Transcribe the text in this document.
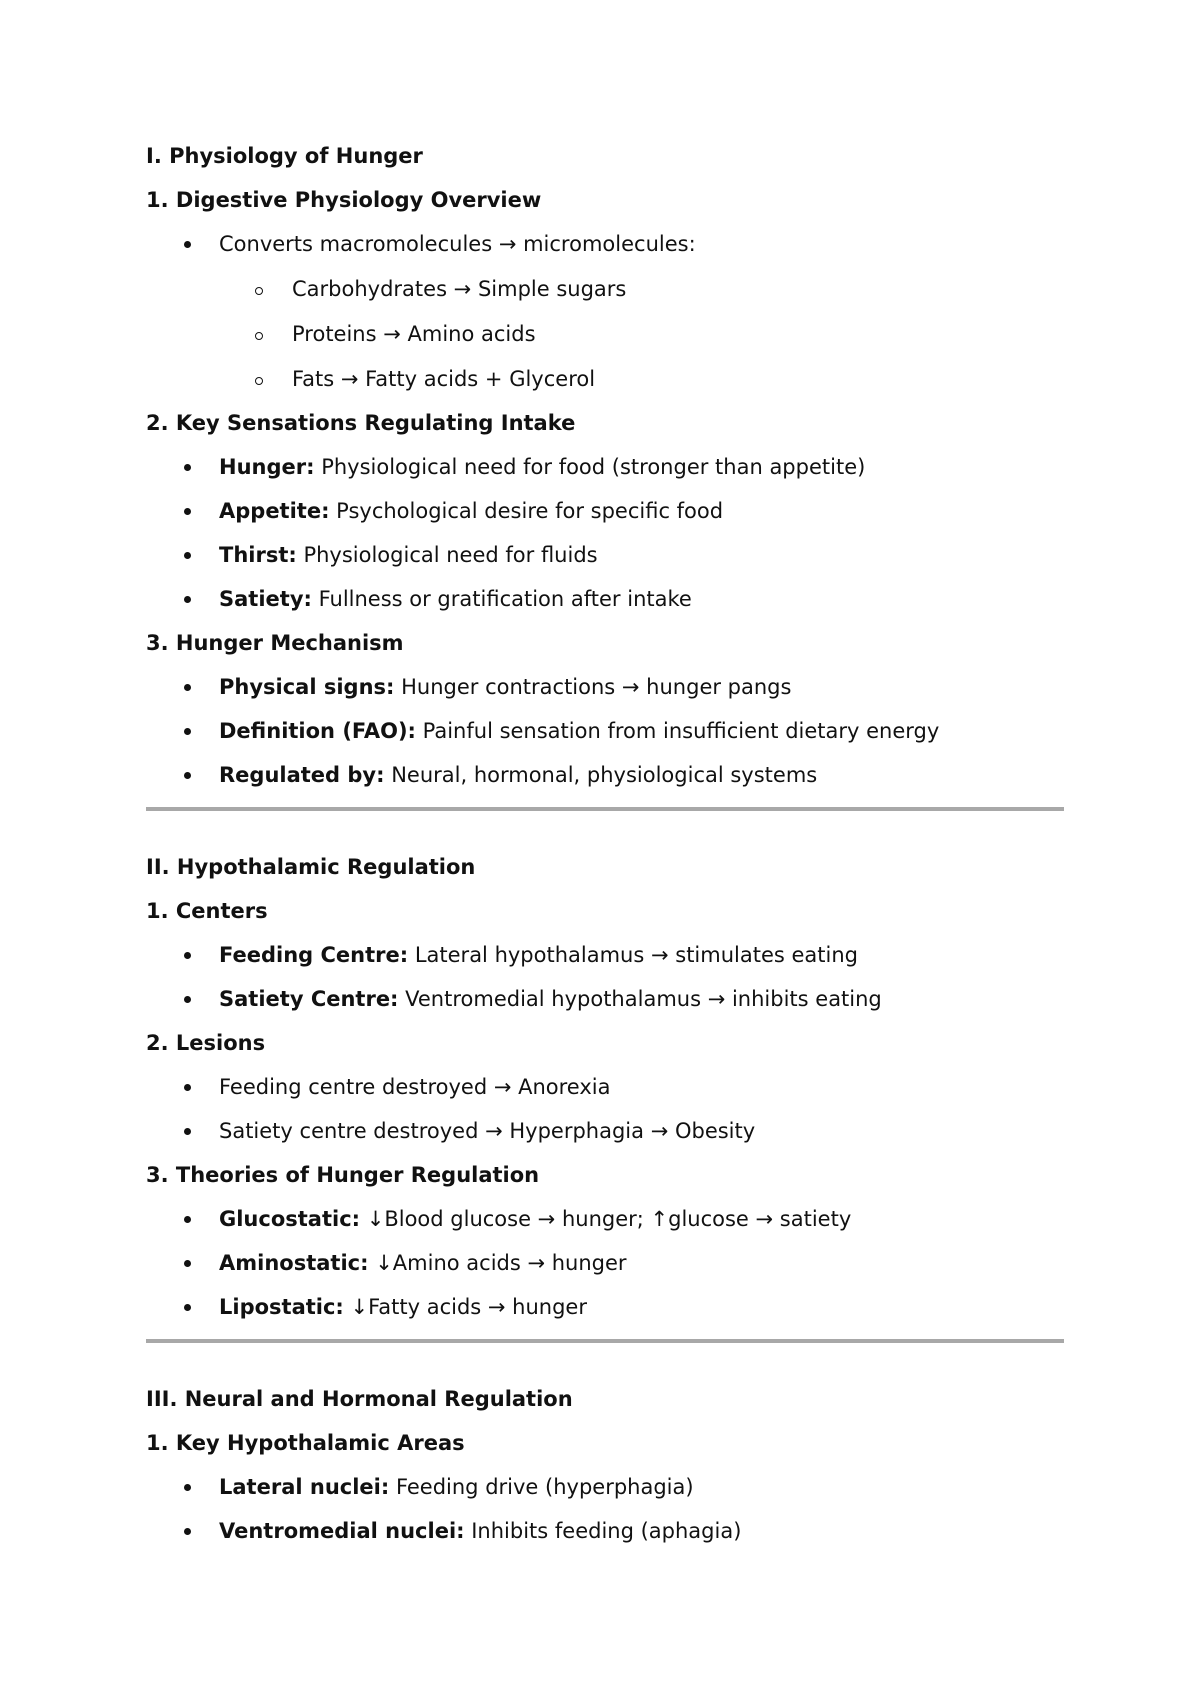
I. Physiology of Hunger
1. Digestive Physiology Overview
Converts macromolecules → micromolecules:
Carbohydrates → Simple sugars
Proteins → Amino acids
Fats → Fatty acids + Glycerol
2. Key Sensations Regulating Intake
Hunger: Physiological need for food (stronger than appetite)
Appetite: Psychological desire for specific food
Thirst: Physiological need for fluids
Satiety: Fullness or gratification after intake
3. Hunger Mechanism
Physical signs: Hunger contractions → hunger pangs
Definition (FAO): Painful sensation from insufficient dietary energy
Regulated by: Neural, hormonal, physiological systems
II. Hypothalamic Regulation
1. Centers
Feeding Centre: Lateral hypothalamus → stimulates eating
Satiety Centre: Ventromedial hypothalamus → inhibits eating
2. Lesions
Feeding centre destroyed → Anorexia
Satiety centre destroyed → Hyperphagia → Obesity
3. Theories of Hunger Regulation
Glucostatic: ↓Blood glucose → hunger; ↑glucose → satiety
Aminostatic: ↓Amino acids → hunger
Lipostatic: ↓Fatty acids → hunger
III. Neural and Hormonal Regulation
1. Key Hypothalamic Areas
Lateral nuclei: Feeding drive (hyperphagia)
Ventromedial nuclei: Inhibits feeding (aphagia)
